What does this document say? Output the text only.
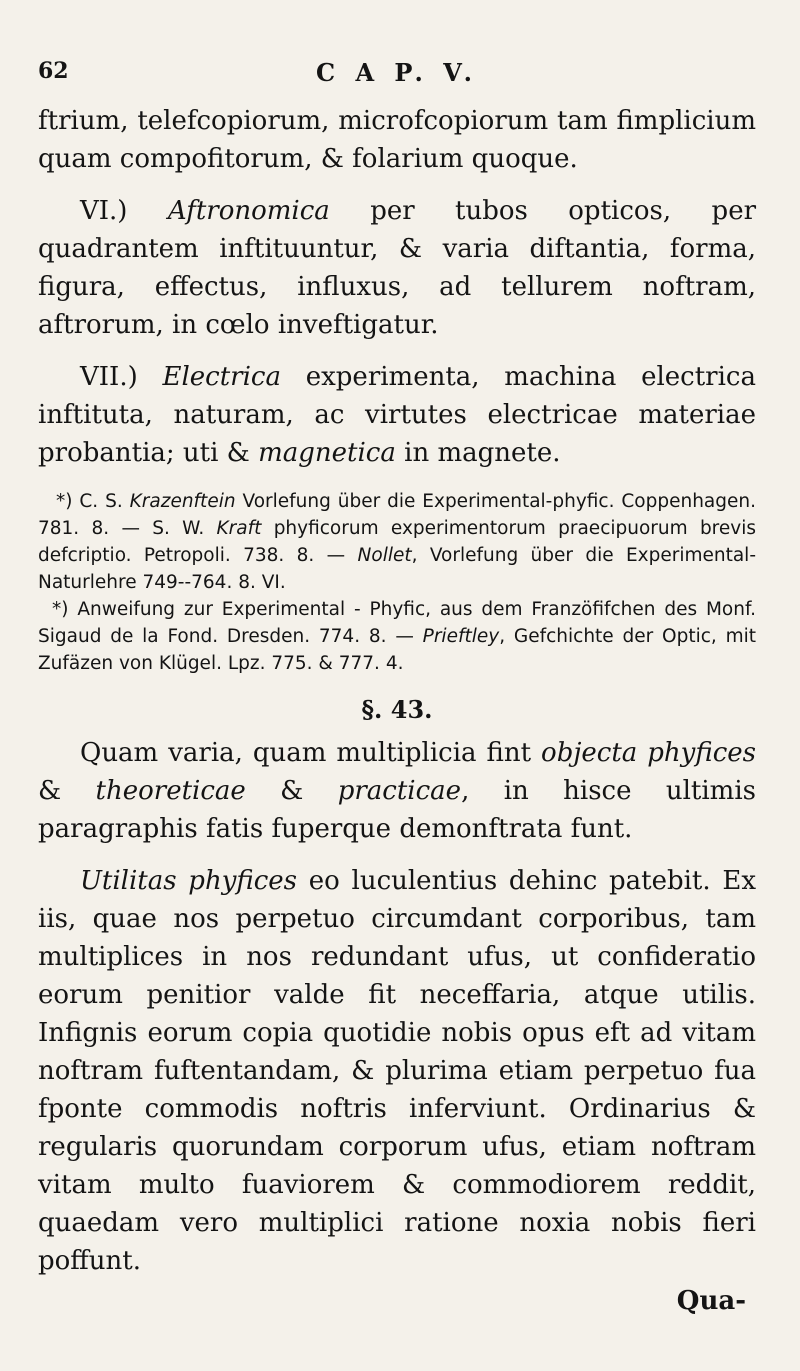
62	C A P. V.

ftrium, telefcopiorum, microfcopiorum tam fimplicium quam compofitorum, & folarium quoque.

VI.) Aftronomica per tubos opticos, per quadrantem inftituuntur, & varia diftantia, forma, figura, effectus, influxus, ad tellurem noftram, aftrorum, in cœlo inveftigatur.

VII.) Electrica experimenta, machina electrica inftituta, naturam, ac virtutes electricae materiae probantia; uti & magnetica in magnete.

*) C. S. Krazenftein Vorlefung über die Experimental-phyfic. Coppenhagen. 781. 8. — S. W. Kraft phyficorum experimentorum praecipuorum brevis defcriptio. Petropoli. 738. 8. — Nollet, Vorlefung über die Experimental-Naturlehre 749--764. 8. VI.

*) Anweifung zur Experimental - Phyfic, aus dem Franzöfifchen des Monf. Sigaud de la Fond. Dresden. 774. 8. — Prieftley, Gefchichte der Optic, mit Zufäzen von Klügel. Lpz. 775. & 777. 4.

§. 43.

Quam varia, quam multiplicia fint objecta phyfices & theoreticae & practicae, in hisce ultimis paragraphis fatis fuperque demonftrata funt.

Utilitas phyfices eo luculentius dehinc patebit. Ex iis, quae nos perpetuo circumdant corporibus, tam multiplices in nos redundant ufus, ut confideratio eorum penitior valde fit neceffaria, atque utilis. Infignis eorum copia quotidie nobis opus eft ad vitam noftram fuftentandam, & plurima etiam perpetuo fua fponte commodis noftris inferviunt. Ordinarius & regularis quorundam corporum ufus, etiam noftram vitam multo fuaviorem & commodiorem reddit, quaedam vero multiplici ratione noxia nobis fieri poffunt.

Qua-
